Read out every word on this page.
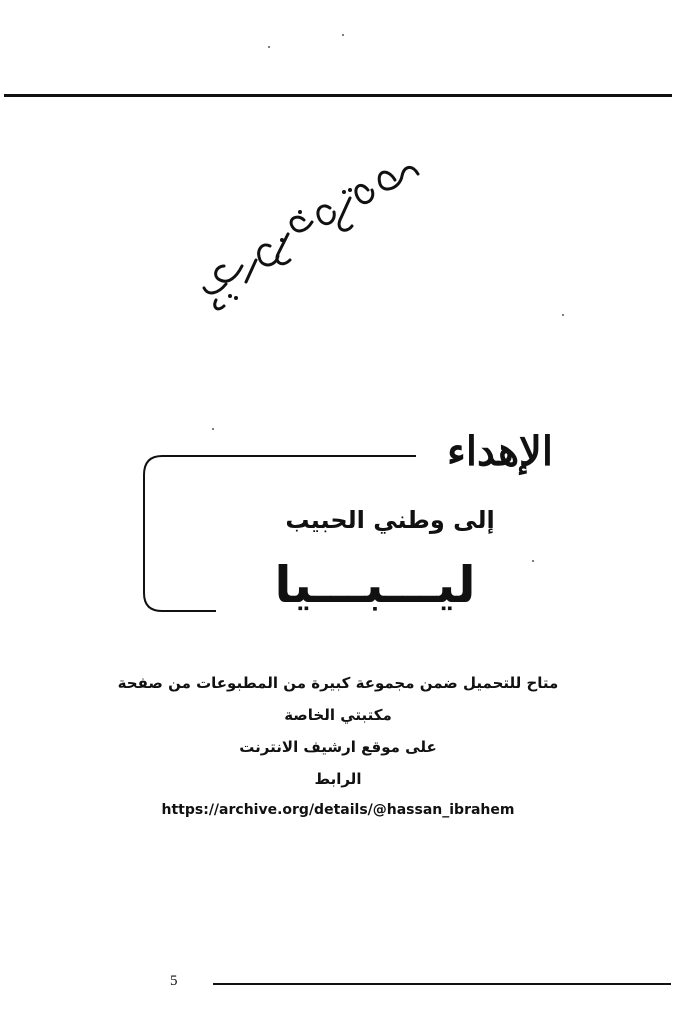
الإهداء
إلى وطني الحبيب
ليـــبـــيا
متاح للتحميل ضمن مجموعة كبيرة من المطبوعات من صفحة
مكتبتي الخاصة
على موقع ارشيف الانترنت
الرابط
https://archive.org/details/@hassan_ibrahem
5
